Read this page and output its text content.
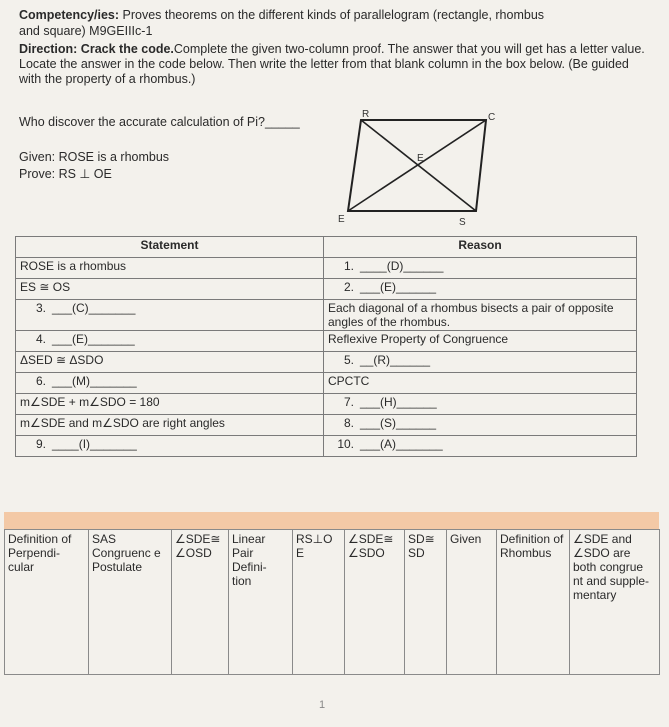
Competency/ies: Proves theorems on the different kinds of parallelogram (rectangle, rhombus
and square) M9GEIIIc-1
Direction: Crack the code.Complete the given two-column proof. The answer that you will get has a letter value. Locate the answer in the code below. Then write the letter from that blank column in the box below. (Be guided with the property of a rhombus.)
Who discover the accurate calculation of Pi?_____
Given: ROSE is a rhombus
Prove: RS ⊥ OE
R	C
E
E	S
Statement	Reason
ROSE is a rhombus	1. ____(D)______
ES ≅ OS	2. ___(E)______
3. ___(C)_______	Each diagonal of a rhombus bisects a pair of opposite angles of the rhombus.
4. ___(E)_______	Reflexive Property of Congruence
ΔSED ≅ ΔSDO	5. __(R)______
6. ___(M)_______	CPCTC
m∠SDE + m∠SDO = 180	7. ___(H)______
m∠SDE and m∠SDO are right angles	8. ___(S)______
9. ____(I)_______	10. ___(A)_______
Definition of Perpendi- cular	SAS Congruenc e Postulate	∠SDE≅ ∠OSD	Linear Pair Defini- tion	RS⊥O E	∠SDE≅ ∠SDO	SD≅ SD	Given	Definition of Rhombus	∠SDE and ∠SDO are both congrue nt and supple- mentary
1
